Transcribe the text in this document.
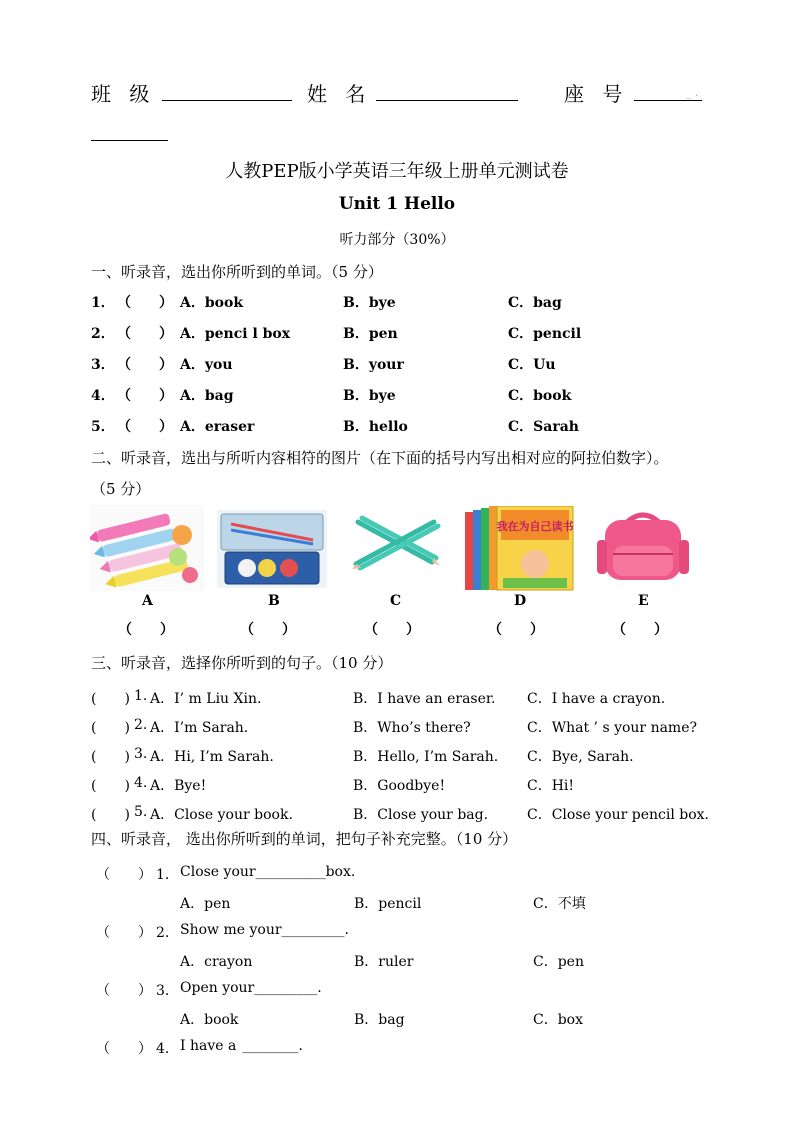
班 级	姓 名	座 号	_ .
人教PEP版小学英语三年级上册单元测试卷
Unit 1 Hello
听力部分（30%）
一、听录音，选出你所听到的单词。（5 分）
1． （　　） A．book	B．bye	C．bag
2． （　　） A．penci l box	B．pen	C．pencil
3． （　　） A．you	B．your	C．Uu
4． （　　） A．bag	B．bye	C．book
5． （　　） A．eraser	B．hello	C．Sarah
二、听录音，选出与所听内容相符的图片（在下面的括号内写出相对应的阿拉伯数字）。
（5 分）
我在为自己读书
A
（　　）
B
（　　）
C
（　　）
D
（　　）
E
（　　）
三、听录音，选择你所听到的句子。（10 分）
(　　) 1. A．I’ m Liu Xin.	B．I have an eraser. C．I have a crayon.
(　　) 2. A．I’m Sarah.	B．Who’s there?	C．What ’ s your name?
(　　) 3. A．Hi, I’m Sarah.	B．Hello, I’m Sarah. C．Bye, Sarah.
(　　) 4. A．Bye!	B．Goodbye!	C．Hi!
(　　) 5. A．Close your book.	B．Close your bag.	C．Close your pencil box.
四、听录音， 选出你所听到的单词，把句子补充完整。（10 分）
（　　） 1． Close your__________box.
A．pen	B．pencil	C．不填
（　　） 2． Show me your_________.
A．crayon	B．ruler	C．pen
（　　） 3． Open your_________.
A．book	B．bag	C．box
（　　） 4． I have a ________.
